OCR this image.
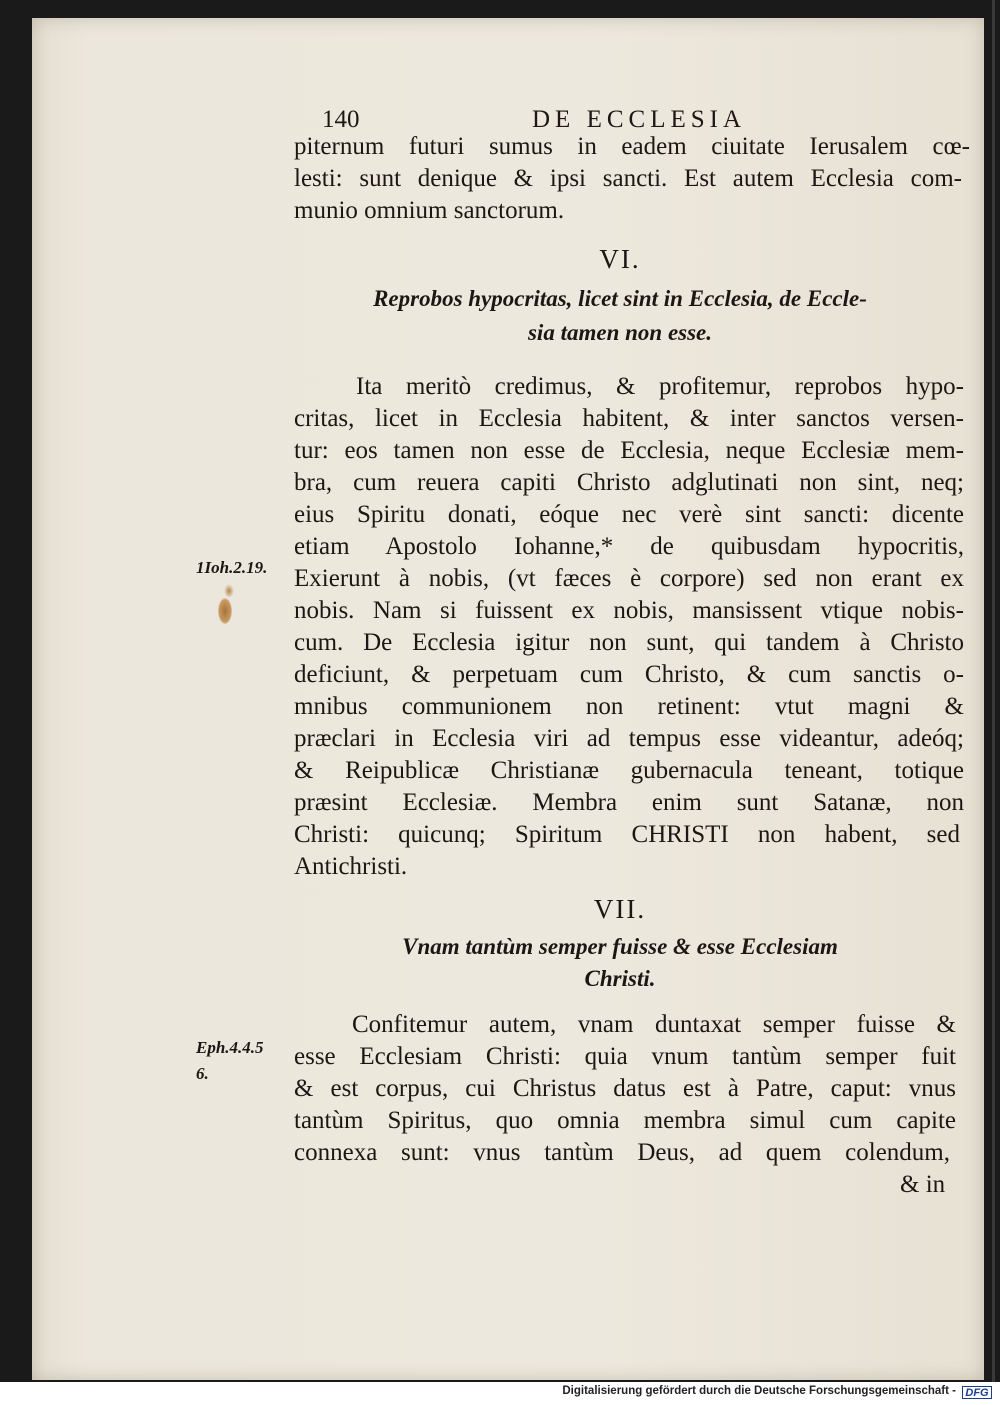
140	DE ECCLESIA
piternum futuri sumus in eadem ciuitate Ierusalem cœ-
lesti: sunt denique & ipsi sancti. Est autem Ecclesia com-
munio omnium sanctorum.
VI.
Reprobos hypocritas, licet sint in Ecclesia, de Eccle-
sia tamen non esse.
1Ioh.2.19.
Ita meritò credimus, & profitemur, reprobos hypo-
critas, licet in Ecclesia habitent, & inter sanctos versen-
tur: eos tamen non esse de Ecclesia, neque Ecclesiæ mem-
bra, cum reuera capiti Christo adglutinati non sint, neq;
eius Spiritu donati, eóque nec verè sint sancti: dicente
etiam Apostolo Iohanne,* de quibusdam hypocritis,
Exierunt à nobis, (vt fæces è corpore) sed non erant ex
nobis. Nam si fuissent ex nobis, mansissent vtique nobis-
cum. De Ecclesia igitur non sunt, qui tandem à Christo
deficiunt, & perpetuam cum Christo, & cum sanctis o-
mnibus communionem non retinent: vtut magni &
præclari in Ecclesia viri ad tempus esse videantur, adeóq;
& Reipublicæ Christianæ gubernacula teneant, totique
præsint Ecclesiæ. Membra enim sunt Satanæ, non
Christi: quicunq; Spiritum CHRISTI non habent, sed
Antichristi.
VII.
Vnam tantùm semper fuisse & esse Ecclesiam
Christi.
Eph.4.4.5
6.
Confitemur autem, vnam duntaxat semper fuisse &
esse Ecclesiam Christi: quia vnum tantùm semper fuit
& est corpus, cui Christus datus est à Patre, caput: vnus
tantùm Spiritus, quo omnia membra simul cum capite
connexa sunt: vnus tantùm Deus, ad quem colendum,
& in
Digitalisierung gefördert durch die Deutsche Forschungsgemeinschaft - DFG
